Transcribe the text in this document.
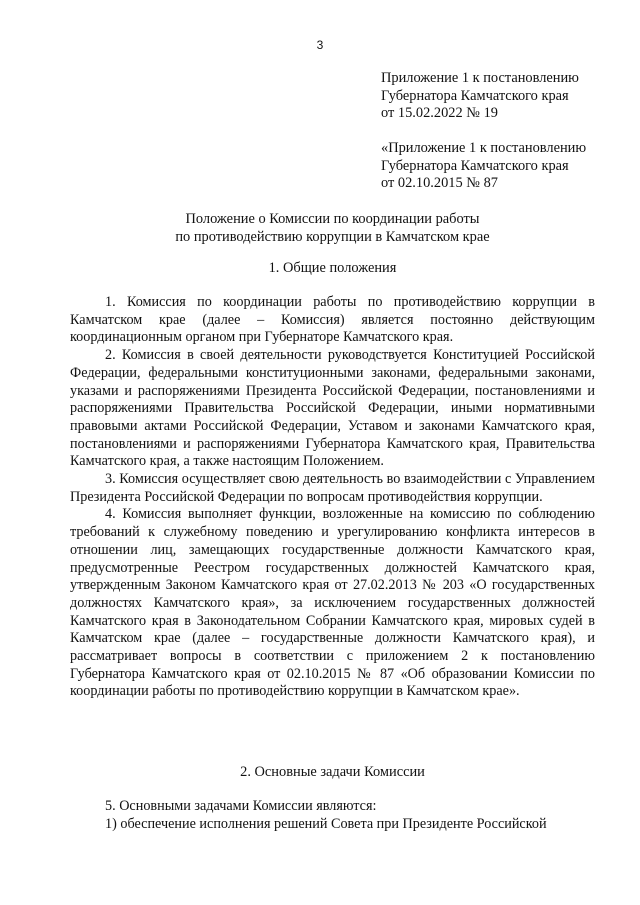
3
Приложение 1 к постановлению
Губернатора Камчатского края
от 15.02.2022 № 19
«Приложение 1 к постановлению
Губернатора Камчатского края
от 02.10.2015 № 87
Положение о Комиссии по координации работы
по противодействию коррупции в Камчатском крае
1. Общие положения

1. Комиссия по координации работы по противодействию коррупции в Камчатском крае (далее – Комиссия) является постоянно действующим координационным органом при Губернаторе Камчатского края.

2. Комиссия в своей деятельности руководствуется Конституцией Российской Федерации, федеральными конституционными законами, федеральными законами, указами и распоряжениями Президента Российской Федерации, постановлениями и распоряжениями Правительства Российской Федерации, иными нормативными правовыми актами Российской Федерации, Уставом и законами Камчатского края, постановлениями и распоряжениями Губернатора Камчатского края, Правительства Камчатского края, а также настоящим Положением.

3. Комиссия осуществляет свою деятельность во взаимодействии с Управлением Президента Российской Федерации по вопросам противодействия коррупции.

4. Комиссия выполняет функции, возложенные на комиссию по соблюдению требований к служебному поведению и урегулированию конфликта интересов в отношении лиц, замещающих государственные должности Камчатского края, предусмотренные Реестром государственных должностей Камчатского края, утвержденным Законом Камчатского края от 27.02.2013 № 203 «О государственных должностях Камчатского края», за исключением государственных должностей Камчатского края в Законодательном Собрании Камчатского края, мировых судей в Камчатском крае (далее – государственные должности Камчатского края), и рассматривает вопросы в соответствии с приложением 2 к постановлению Губернатора Камчатского края от 02.10.2015 № 87 «Об образовании Комиссии по координации работы по противодействию коррупции в Камчатском крае».

2. Основные задачи Комиссии

5. Основными задачами Комиссии являются:

1) обеспечение исполнения решений Совета при Президенте Российской
